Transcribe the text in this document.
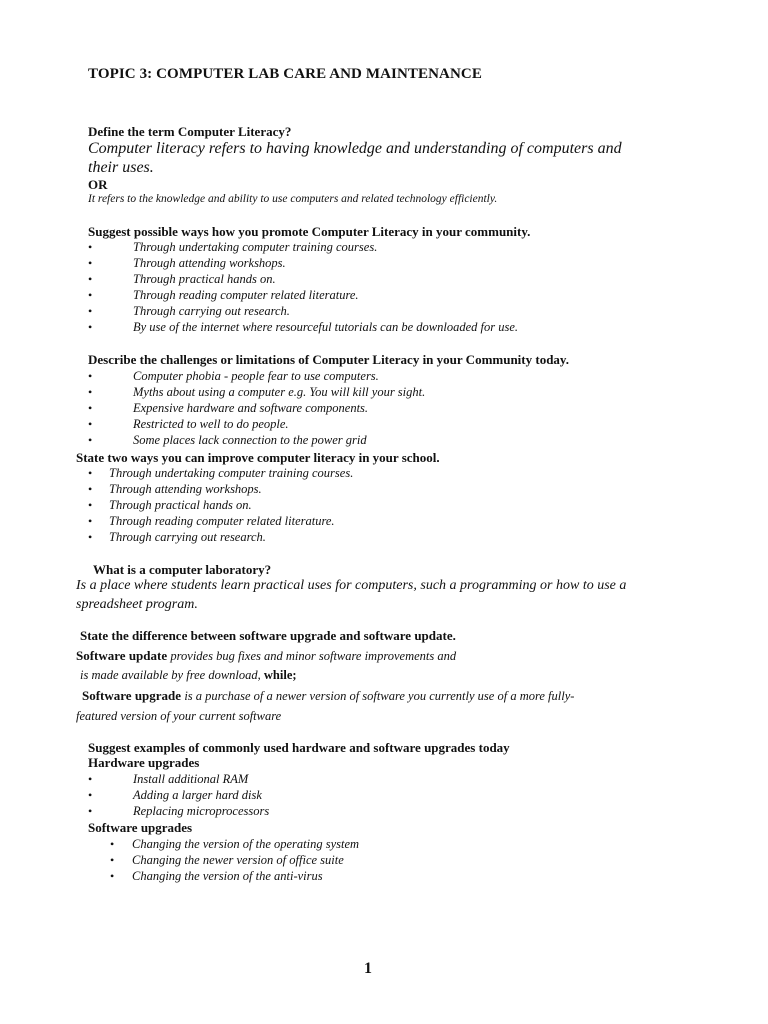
TOPIC 3: COMPUTER LAB CARE AND MAINTENANCE
Define the term Computer Literacy?
Computer literacy refers to having knowledge and understanding of computers and
their uses.
OR
It refers to the knowledge and ability to use computers and related technology efficiently.
Suggest possible ways how you promote Computer Literacy in your community.
•	Through undertaking computer training courses.
•	Through attending workshops.
•	Through practical hands on.
•	Through reading computer related literature.
•	Through carrying out research.
•	By use of the internet where resourceful tutorials can be downloaded for use.
Describe the challenges or limitations of Computer Literacy in your Community today.
•	Computer phobia - people fear to use computers.
•	Myths about using a computer e.g. You will kill your sight.
•	Expensive hardware and software components.
•	Restricted to well to do people.
•	Some places lack connection to the power grid
State two ways you can improve computer literacy in your school.
• Through undertaking computer training courses.
• Through attending workshops.
• Through practical hands on.
• Through reading computer related literature.
• Through carrying out research.
What is a computer laboratory?
Is a place where students learn practical uses for computers, such a programming or how to use a
spreadsheet program.
State the difference between software upgrade and software update.
Software update provides bug fixes and minor software improvements and
is made available by free download, while;
Software upgrade is a purchase of a newer version of software you currently use of a more fully-
featured version of your current software
Suggest examples of commonly used hardware and software upgrades today
Hardware upgrades
•	Install additional RAM
•	Adding a larger hard disk
•	Replacing microprocessors
Software upgrades
• Changing the version of the operating system
• Changing the newer version of office suite
• Changing the version of the anti-virus
1
